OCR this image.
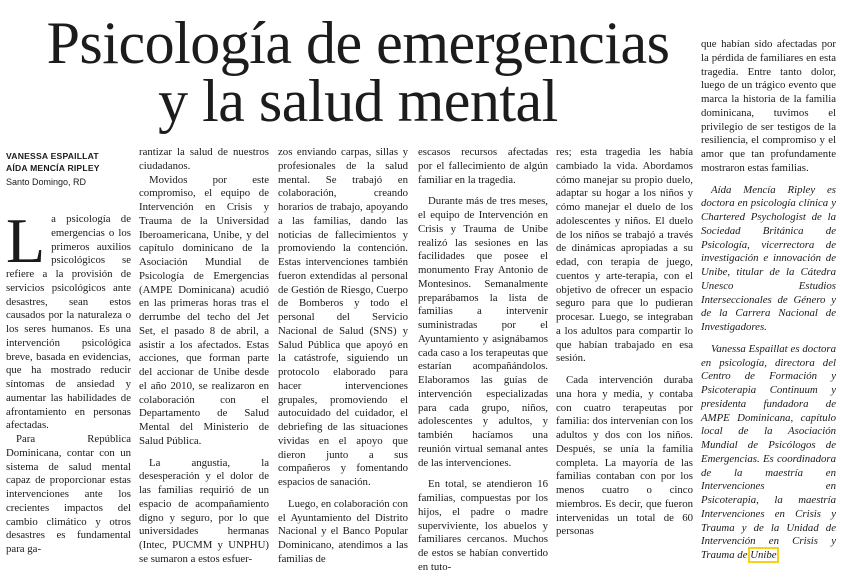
Psicología de emergencias
y la salud mental
VANESSA ESPAILLAT
AÍDA MENCÍA RIPLEY
Santo Domingo, RD

La psicología de emergencias o los primeros auxilios psicológicos se refiere a la provisión de servicios psicológicos ante desastres, sean estos causados por la naturaleza o los seres humanos. Es una intervención psicológica breve, basada en evidencias, que ha mostrado reducir síntomas de ansiedad y aumentar las habilidades de afrontamiento en personas afectadas.

Para República Dominicana, contar con un sistema de salud mental capaz de proporcionar estas intervenciones ante los crecientes impactos del cambio climático y otros desastres es fundamental para ga-

rantizar la salud de nuestros ciudadanos.

Movidos por este compromiso, el equipo de Intervención en Crisis y Trauma de la Universidad Iberoamericana, Unibe, y del capítulo dominicano de la Asociación Mundial de Psicología de Emergencias (AMPE Dominicana) acudió en las primeras horas tras el derrumbe del techo del Jet Set, el pasado 8 de abril, a asistir a los afectados. Estas acciones, que forman parte del accionar de Unibe desde el año 2010, se realizaron en colaboración con el Departamento de Salud Mental del Ministerio de Salud Pública.

La angustia, la desesperación y el dolor de las familias requirió de un espacio de acompañamiento digno y seguro, por lo que universidades hermanas (Intec, PUCMM y UNPHU) se sumaron a estos esfuer-

zos enviando carpas, sillas y profesionales de la salud mental. Se trabajó en colaboración, creando horarios de trabajo, apoyando a las familias, dando las noticias de fallecimientos y promoviendo la contención. Estas intervenciones también fueron extendidas al personal de Gestión de Riesgo, Cuerpo de Bomberos y todo el personal del Servicio Nacional de Salud (SNS) y Salud Pública que apoyó en la catástrofe, siguiendo un protocolo elaborado para hacer intervenciones grupales, promoviendo el autocuidado del cuidador, el debriefing de las situaciones vividas en el apoyo que dieron junto a sus compañeros y fomentando espacios de sanación.

Luego, en colaboración con el Ayuntamiento del Distrito Nacional y el Banco Popular Dominicano, atendimos a las familias de

escasos recursos afectadas por el fallecimiento de algún familiar en la tragedia.

Durante más de tres meses, el equipo de Intervención en Crisis y Trauma de Unibe realizó las sesiones en las facilidades que posee el monumento Fray Antonio de Montesinos. Semanalmente preparábamos la lista de familias a intervenir suministradas por el Ayuntamiento y asignábamos cada caso a los terapeutas que estarían acompañándolos. Elaboramos las guías de intervención especializadas para cada grupo, niños, adolescentes y adultos, y también hacíamos una reunión virtual semanal antes de las intervenciones.

En total, se atendieron 16 familias, compuestas por los hijos, el padre o madre superviviente, los abuelos y familiares cercanos. Muchos de estos se habían convertido en tuto-

res; esta tragedia les había cambiado la vida. Abordamos cómo manejar su propio duelo, adaptar su hogar a los niños y cómo manejar el duelo de los adolescentes y niños. El duelo de los niños se trabajó a través de dinámicas apropiadas a su edad, con terapia de juego, cuentos y arte-terapia, con el objetivo de ofrecer un espacio seguro para que lo pudieran procesar. Luego, se integraban a los adultos para compartir lo que habían trabajado en esa sesión.

Cada intervención duraba una hora y media, y contaba con cuatro terapeutas por familia: dos intervenían con los adultos y dos con los niños. Después, se unía la familia completa. La mayoría de las familias contaban con por los menos cuatro o cinco miembros. Es decir, que fueron intervenidas un total de 60 personas

que habían sido afectadas por la pérdida de familiares en esta tragedia. Entre tanto dolor, luego de un trágico evento que marca la historia de la familia dominicana, tuvimos el privilegio de ser testigos de la resiliencia, el compromiso y el amor que tan profundamente mostraron estas familias.

Aída Mencía Ripley es doctora en psicología clínica y Chartered Psychologist de la Sociedad Británica de Psicología, vicerrectora de investigación e innovación de Unibe, titular de la Cátedra Unesco Estudios Interseccionales de Género y de la Carrera Nacional de Investigadores.

Vanessa Espaillat es doctora en psicología, directora del Centro de Formación y Psicoterapia Continuum y presidenta fundadora de AMPE Dominicana, capítulo local de la Asociación Mundial de Psicólogos de Emergencias. Es coordinadora de la maestría en Intervenciones en Psicoterapia, la maestría Intervenciones en Crisis y Trauma y de la Unidad de Intervención en Crisis y Trauma de Unibe
